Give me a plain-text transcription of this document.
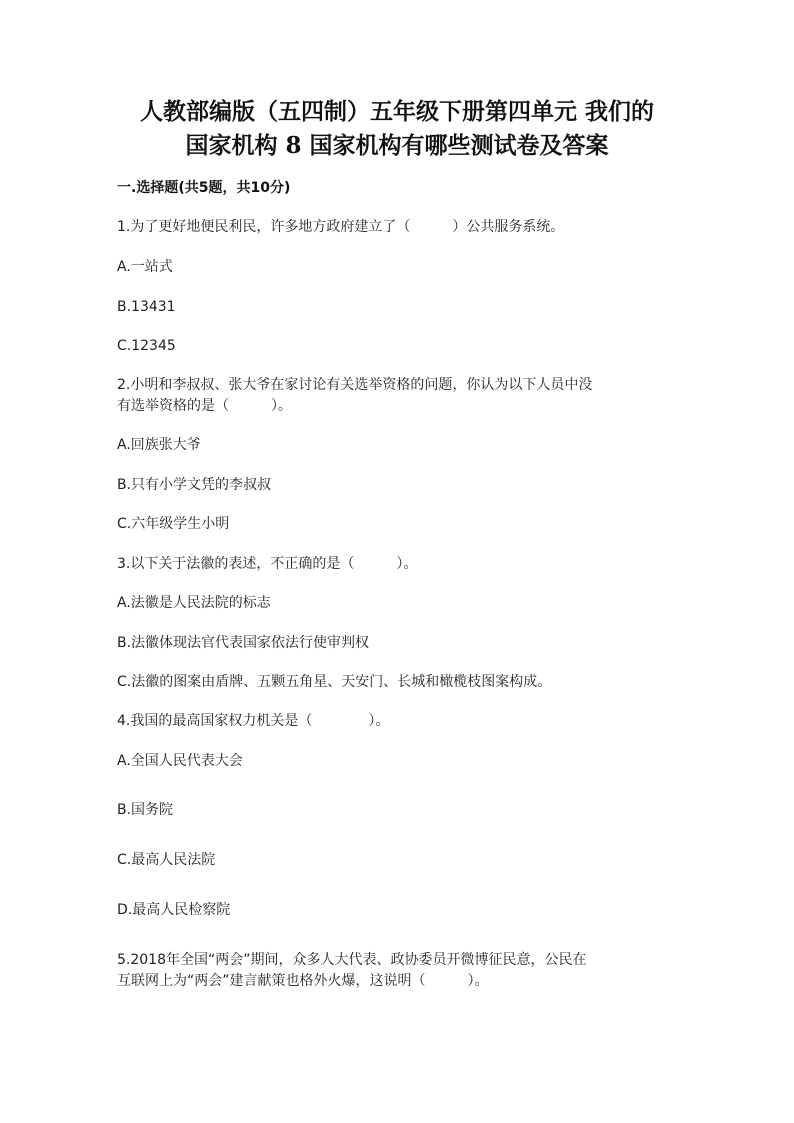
人教部编版（五四制）五年级下册第四单元 我们的
国家机构 8 国家机构有哪些测试卷及答案
一.选择题(共5题，共10分)
1.为了更好地便民利民，许多地方政府建立了（　　　）公共服务系统。
A.一站式
B.13431
C.12345
2.小明和李叔叔、张大爷在家讨论有关选举资格的问题，你认为以下人员中没
有选举资格的是（　　　）。
A.回族张大爷
B.只有小学文凭的李叔叔
C.六年级学生小明
3.以下关于法徽的表述，不正确的是（　　　）。
A.法徽是人民法院的标志
B.法徽体现法官代表国家依法行使审判权
C.法徽的图案由盾牌、五颗五角星、天安门、长城和橄榄枝图案构成。
4.我国的最高国家权力机关是（　　　　）。
A.全国人民代表大会
B.国务院
C.最高人民法院
D.最高人民检察院
5.2018年全国“两会”期间，众多人大代表、政协委员开微博征民意，公民在
互联网上为“两会”建言献策也格外火爆，这说明（　　　）。
